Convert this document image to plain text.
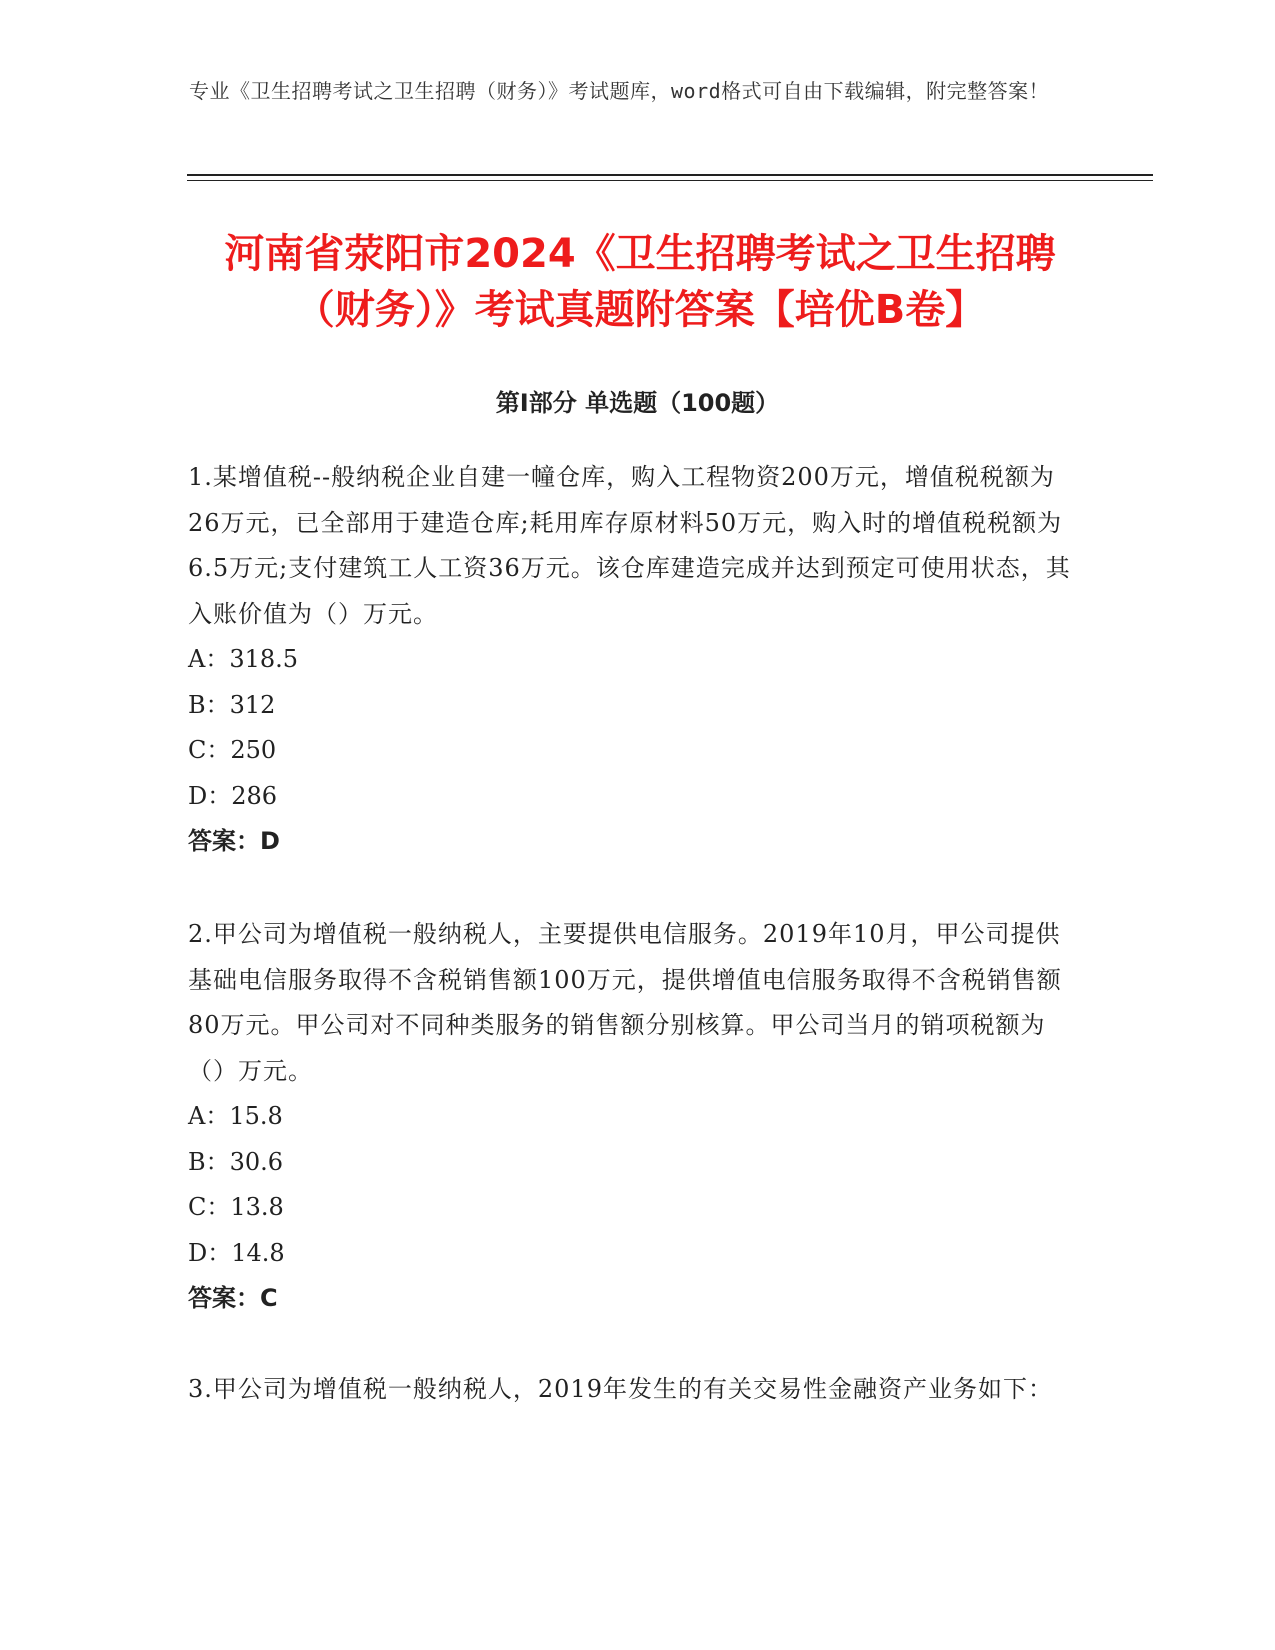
专业《卫生招聘考试之卫生招聘（财务）》考试题库，word格式可自由下载编辑，附完整答案！
河南省荥阳市2024《卫生招聘考试之卫生招聘（财务）》考试真题附答案【培优B卷】
第I部分 单选题（100题）

1.某增值税--般纳税企业自建一幢仓库，购入工程物资200万元，增值税税额为26万元，已全部用于建造仓库;耗用库存原材料50万元，购入时的增值税税额为6.5万元;支付建筑工人工资36万元。该仓库建造完成并达到预定可使用状态，其入账价值为（）万元。

A：318.5

B：312

C：250

D：286

答案：D

2.甲公司为增值税一般纳税人，主要提供电信服务。2019年10月，甲公司提供基础电信服务取得不含税销售额100万元，提供增值电信服务取得不含税销售额80万元。甲公司对不同种类服务的销售额分别核算。甲公司当月的销项税额为（）万元。

A：15.8

B：30.6

C：13.8

D：14.8

答案：C

3.甲公司为增值税一般纳税人，2019年发生的有关交易性金融资产业务如下：
